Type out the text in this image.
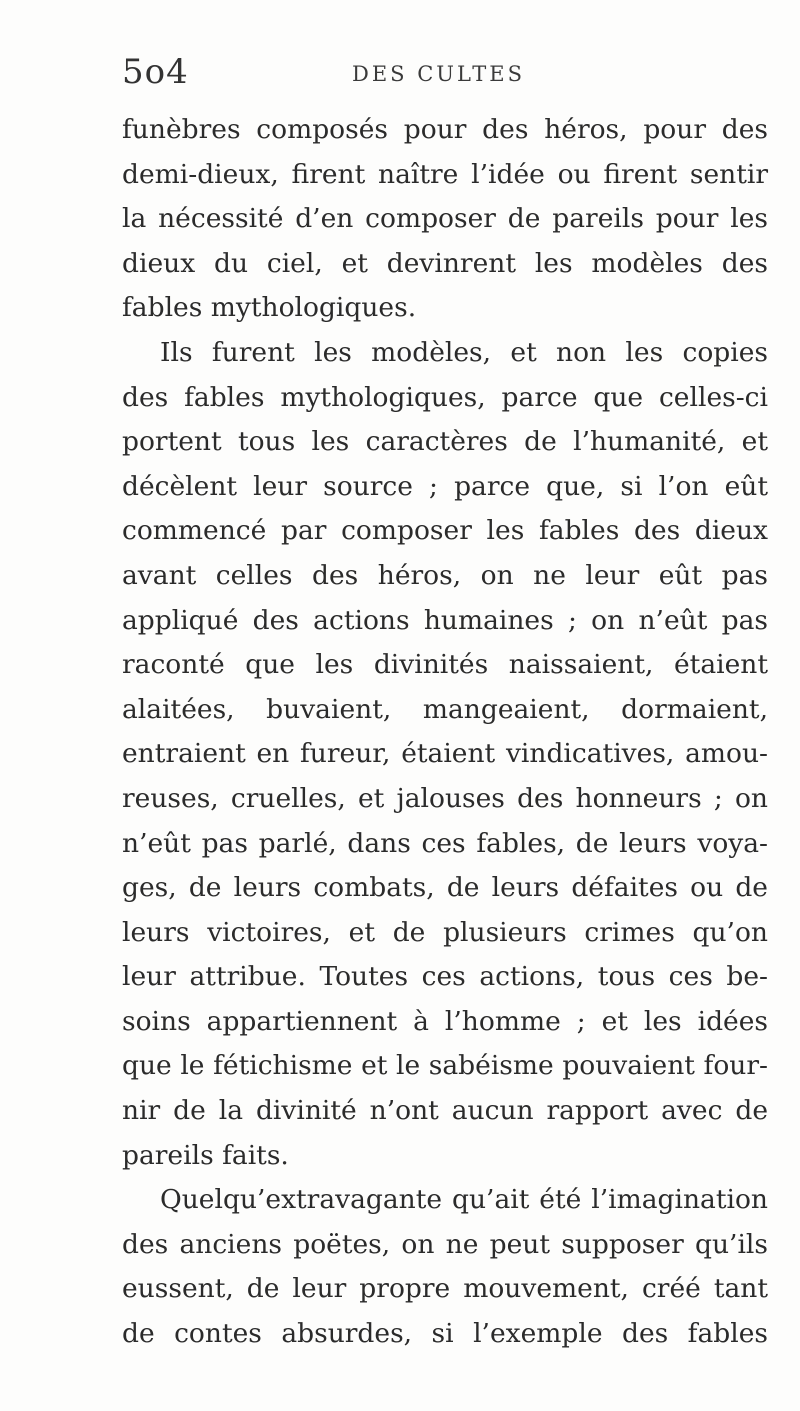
5o4	DES CULTES
funèbres composés pour des héros, pour des
demi-dieux, firent naître l’idée ou firent sentir
la nécessité d’en composer de pareils pour les
dieux du ciel, et devinrent les modèles des
fables mythologiques.
Ils furent les modèles, et non les copies
des fables mythologiques, parce que celles-ci
portent tous les caractères de l’humanité, et
décèlent leur source ; parce que, si l’on eût
commencé par composer les fables des dieux
avant celles des héros, on ne leur eût pas
appliqué des actions humaines ; on n’eût pas
raconté que les divinités naissaient, étaient
alaitées, buvaient, mangeaient, dormaient,
entraient en fureur, étaient vindicatives, amou-
reuses, cruelles, et jalouses des honneurs ; on
n’eût pas parlé, dans ces fables, de leurs voya-
ges, de leurs combats, de leurs défaites ou de
leurs victoires, et de plusieurs crimes qu’on
leur attribue. Toutes ces actions, tous ces be-
soins appartiennent à l’homme ; et les idées
que le fétichisme et le sabéisme pouvaient four-
nir de la divinité n’ont aucun rapport avec de
pareils faits.
Quelqu’extravagante qu’ait été l’imagination
des anciens poëtes, on ne peut supposer qu’ils
eussent, de leur propre mouvement, créé tant
de contes absurdes, si l’exemple des fables
